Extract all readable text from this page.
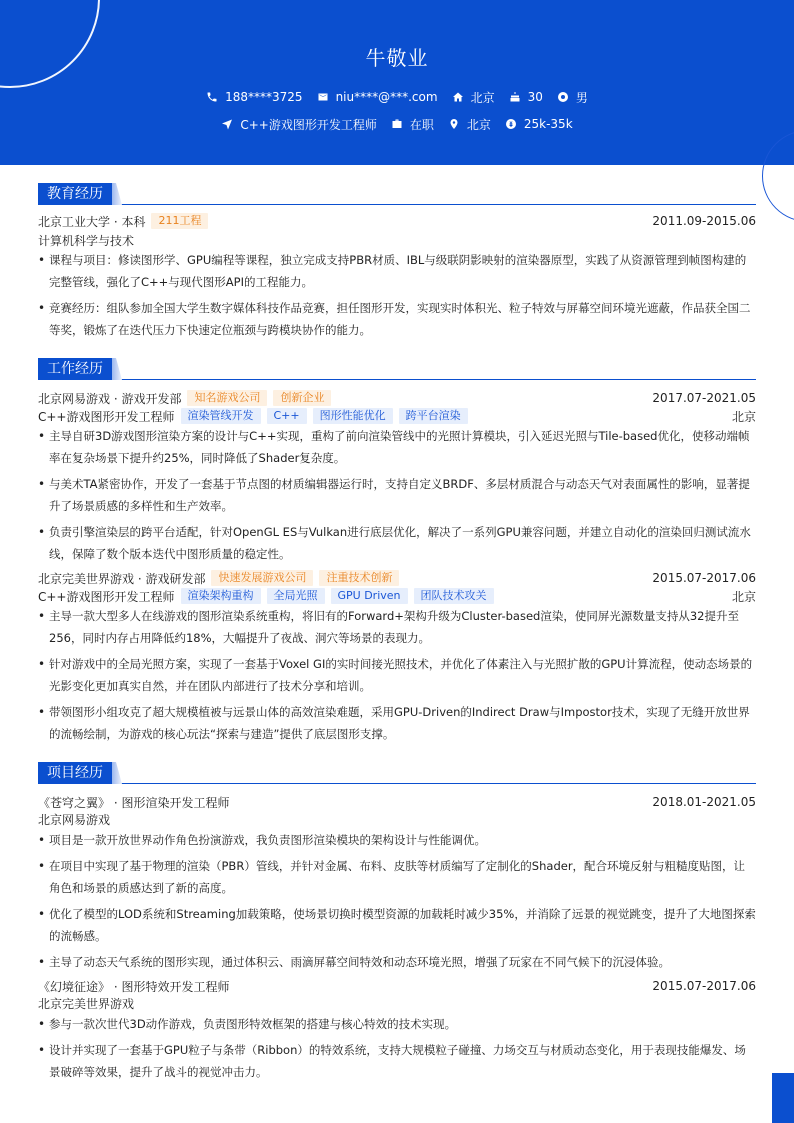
牛敬业
188****3725	niu****@***.com	北京	30	男
C++游戏图形开发工程师	在职	北京	25k-35k
教育经历
北京工业大学 · 本科	211工程	2011.09-2015.06
计算机科学与技术
• 课程与项目：修读图形学、GPU编程等课程，独立完成支持PBR材质、IBL与级联阴影映射的渲染器原型，实践了从资源管理到帧图构建的完整管线，强化了C++与现代图形API的工程能力。
• 竞赛经历：组队参加全国大学生数字媒体科技作品竞赛，担任图形开发，实现实时体积光、粒子特效与屏幕空间环境光遮蔽，作品获全国二等奖，锻炼了在迭代压力下快速定位瓶颈与跨模块协作的能力。
工作经历
北京网易游戏 · 游戏开发部	知名游戏公司	创新企业	2017.07-2021.05
C++游戏图形开发工程师	渲染管线开发	C++	图形性能优化	跨平台渲染	北京
• 主导自研3D游戏图形渲染方案的设计与C++实现，重构了前向渲染管线中的光照计算模块，引入延迟光照与Tile-based优化，使移动端帧率在复杂场景下提升约25%，同时降低了Shader复杂度。
• 与美术TA紧密协作，开发了一套基于节点图的材质编辑器运行时，支持自定义BRDF、多层材质混合与动态天气对表面属性的影响，显著提升了场景质感的多样性和生产效率。
• 负责引擎渲染层的跨平台适配，针对OpenGL ES与Vulkan进行底层优化，解决了一系列GPU兼容问题，并建立自动化的渲染回归测试流水线，保障了数个版本迭代中图形质量的稳定性。
北京完美世界游戏 · 游戏研发部	快速发展游戏公司	注重技术创新	2015.07-2017.06
C++游戏图形开发工程师	渲染架构重构	全局光照	GPU Driven	团队技术攻关	北京
• 主导一款大型多人在线游戏的图形渲染系统重构，将旧有的Forward+架构升级为Cluster-based渲染，使同屏光源数量支持从32提升至256，同时内存占用降低约18%，大幅提升了夜战、洞穴等场景的表现力。
• 针对游戏中的全局光照方案，实现了一套基于Voxel GI的实时间接光照技术，并优化了体素注入与光照扩散的GPU计算流程，使动态场景的光影变化更加真实自然，并在团队内部进行了技术分享和培训。
• 带领图形小组攻克了超大规模植被与远景山体的高效渲染难题，采用GPU-Driven的Indirect Draw与Impostor技术，实现了无缝开放世界的流畅绘制，为游戏的核心玩法“探索与建造”提供了底层图形支撑。
项目经历
《苍穹之翼》 · 图形渲染开发工程师	2018.01-2021.05
北京网易游戏
• 项目是一款开放世界动作角色扮演游戏，我负责图形渲染模块的架构设计与性能调优。
• 在项目中实现了基于物理的渲染（PBR）管线，并针对金属、布料、皮肤等材质编写了定制化的Shader，配合环境反射与粗糙度贴图，让角色和场景的质感达到了新的高度。
• 优化了模型的LOD系统和Streaming加载策略，使场景切换时模型资源的加载耗时减少35%，并消除了远景的视觉跳变，提升了大地图探索的流畅感。
• 主导了动态天气系统的图形实现，通过体积云、雨滴屏幕空间特效和动态环境光照，增强了玩家在不同气候下的沉浸体验。
《幻境征途》 · 图形特效开发工程师	2015.07-2017.06
北京完美世界游戏
• 参与一款次世代3D动作游戏，负责图形特效框架的搭建与核心特效的技术实现。
• 设计并实现了一套基于GPU粒子与条带（Ribbon）的特效系统，支持大规模粒子碰撞、力场交互与材质动态变化，用于表现技能爆发、场景破碎等效果，提升了战斗的视觉冲击力。
